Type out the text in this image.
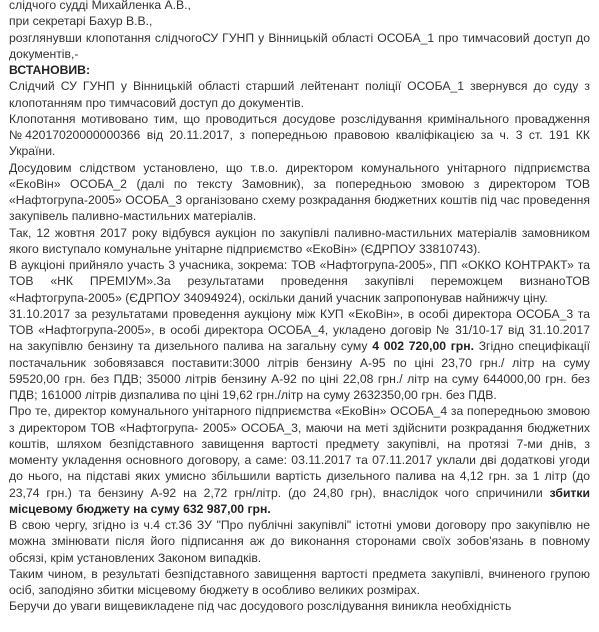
слідчого судді Михайленка А.В.,

при секретарі Бахур В.В.,

розглянувши клопотання слідчогоСУ ГУНП у Вінницькій області ОСОБА_1 про тимчасовий доступ до документів,-

ВСТАНОВИВ:

Слідчий СУ ГУНП у Вінницькій області старший лейтенант поліції ОСОБА_1 звернувся до суду з клопотанням про тимчасовий доступ до документів.

Клопотання мотивовано тим, що проводиться досудове розслідування кримінального провадження №42017020000000366 від 20.11.2017, з попередньою правовою кваліфікацією за ч. 3 ст. 191 КК України.

Досудовим слідством установлено, що т.в.о. директором комунального унітарного підприємства «ЕкоВін» ОСОБА_2 (далі по тексту Замовник), за попередньою змовою з директором ТОВ «Нафтогрупа-2005» ОСОБА_3 організовано схему розкрадання бюджетних коштів під час проведення закупівель паливно-мастильних матеріалів.

Так, 12 жовтня 2017 року відбувся аукціон по закупівлі паливно-мастильних матеріалів замовником якого виступало комунальне унітарне підприємство «ЕкоВін» (ЄДРПОУ 33810743).

В аукціоні прийняло участь 3 учасника, зокрема: ТОВ «Нафтогрупа-2005», ПП «ОККО КОНТРАКТ» та ТОВ «НК ПРЕМІУМ».За результатами проведення закупівлі переможцем визнаноТОВ «Нафтогрупа-2005» (ЄДРПОУ 34094924), оскільки даний учасник запропонував найнижчу ціну.

31.10.2017 за результатами проведення аукціону між КУП «ЕкоВін», в особі директора ОСОБА_3 та ТОВ «Нафтогрупа-2005», в особі директора ОСОБА_4, укладено договір № 31/10-17 від 31.10.2017 на закупівлю бензину та дизельного палива на загальну суму 4 002 720,00 грн. Згідно специфікації постачальник зобовязався поставити:3000 літрів бензину А-95 по ціні 23,70 грн./ літр на суму 59520,00 грн. без ПДВ; 35000 літрів бензину А-92 по ціні 22,08 грн./ літр на суму 644000,00 грн. без ПДВ; 161000 літрів дизпалива по ціні 19,62 грн./літр на суму 2632350,00 грн. без ПДВ.

Про те, директор комунального унітарного підприємства «ЕкоВін» ОСОБА_4 за попередньою змовою з директором ТОВ «Нафтогрупа- 2005» ОСОБА_3, маючи на меті здійснити розкрадання бюджетних коштів, шляхом безпідставного завищення вартості предмету закупівлі, на протязі 7-ми днів, з моменту укладення основного договору, а саме: 03.11.2017 та 07.11.2017 уклали дві додаткові угоди до нього, на підставі яких умисно збільшили вартість дизельного палива на 4,12 грн. за 1 літр (до 23,74 грн.) та бензину А-92 на 2,72 грн/літр. (до 24,80 грн), внаслідок чого спричинили збитки місцевому бюджету на суму 632 987,00 грн.

В свою чергу, згідно із ч.4 ст.36 ЗУ "Про публічні закупівлі" істотні умови договору про закупівлю не можна змінювати після його підписання аж до виконання сторонами своїх зобов'язань в повному обсязі, крім установлених Законом випадків.

Таким чином, в результаті безпідставного завищення вартості предмета закупівлі, вчиненого групою осіб, заподіяно збитки місцевому бюджету в особливо великих розмірах.

Беручи до уваги вищевикладене під час досудового розслідування виникла необхідність
